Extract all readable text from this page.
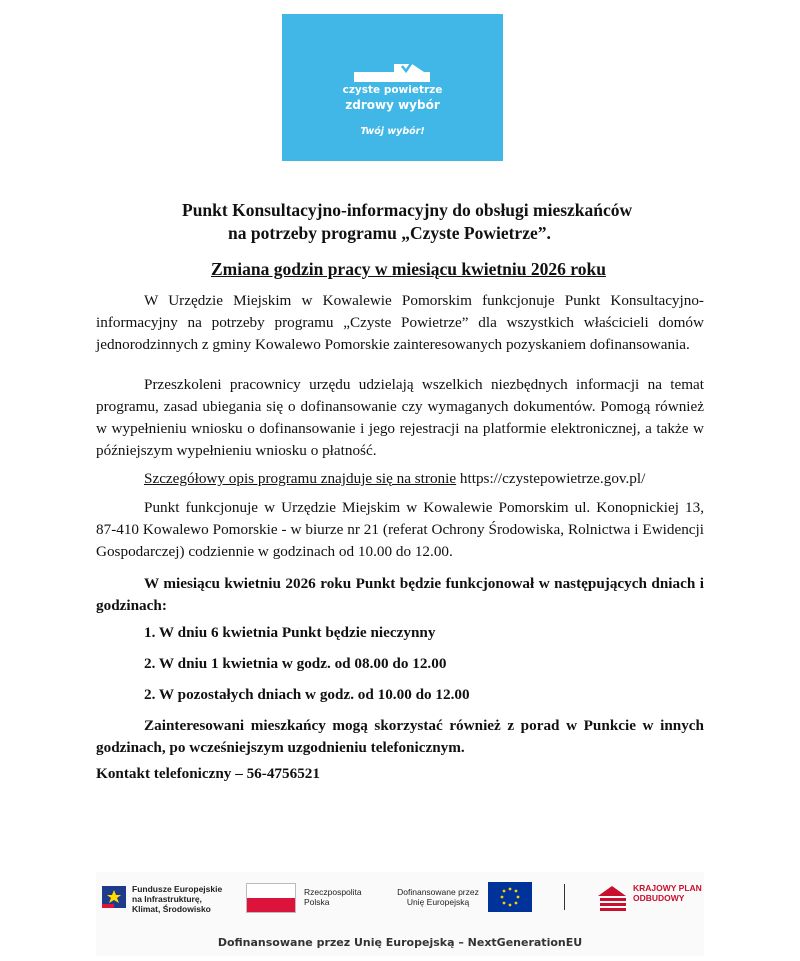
czyste powietrze
zdrowy wybór
Twój wybór!
Punkt Konsultacyjno-informacyjny do obsługi mieszkańców
na potrzeby programu „Czyste Powietrze”.
Zmiana godzin pracy w miesiącu kwietniu 2026 roku

W Urzędzie Miejskim w Kowalewie Pomorskim funkcjonuje Punkt Konsultacyjno-informacyjny na potrzeby programu „Czyste Powietrze” dla wszystkich właścicieli domów jednorodzinnych z gminy Kowalewo Pomorskie zainteresowanych pozyskaniem dofinansowania.

Przeszkoleni pracownicy urzędu udzielają wszelkich niezbędnych informacji na temat programu, zasad ubiegania się o dofinansowanie czy wymaganych dokumentów. Pomogą również w wypełnieniu wniosku o dofinansowanie i jego rejestracji na platformie elektronicznej, a także w późniejszym wypełnieniu wniosku o płatność.

Szczegółowy opis programu znajduje się na stronie https://czystepowietrze.gov.pl/

Punkt funkcjonuje w Urzędzie Miejskim w Kowalewie Pomorskim ul. Konopnickiej 13, 87-410 Kowalewo Pomorskie - w biurze nr 21 (referat Ochrony Środowiska, Rolnictwa i Ewidencji Gospodarczej) codziennie w godzinach od 10.00 do 12.00.

W miesiącu kwietniu 2026 roku Punkt będzie funkcjonował w następujących dniach i godzinach:

1. W dniu 6 kwietnia Punkt będzie nieczynny
2. W dniu 1 kwietnia w godz. od 08.00 do 12.00
2. W pozostałych dniach w godz. od 10.00 do 12.00

Zainteresowani mieszkańcy mogą skorzystać również z porad w Punkcie w innych godzinach, po wcześniejszym uzgodnieniu telefonicznym.

Kontakt telefoniczny – 56-4756521
Fundusze Europejskie na Infrastrukturę, Klimat, Środowisko
Rzeczpospolita Polska
Dofinansowane przez Unię Europejską
KRAJOWY PLAN ODBUDOWY
Dofinansowane przez Unię Europejską – NextGenerationEU
